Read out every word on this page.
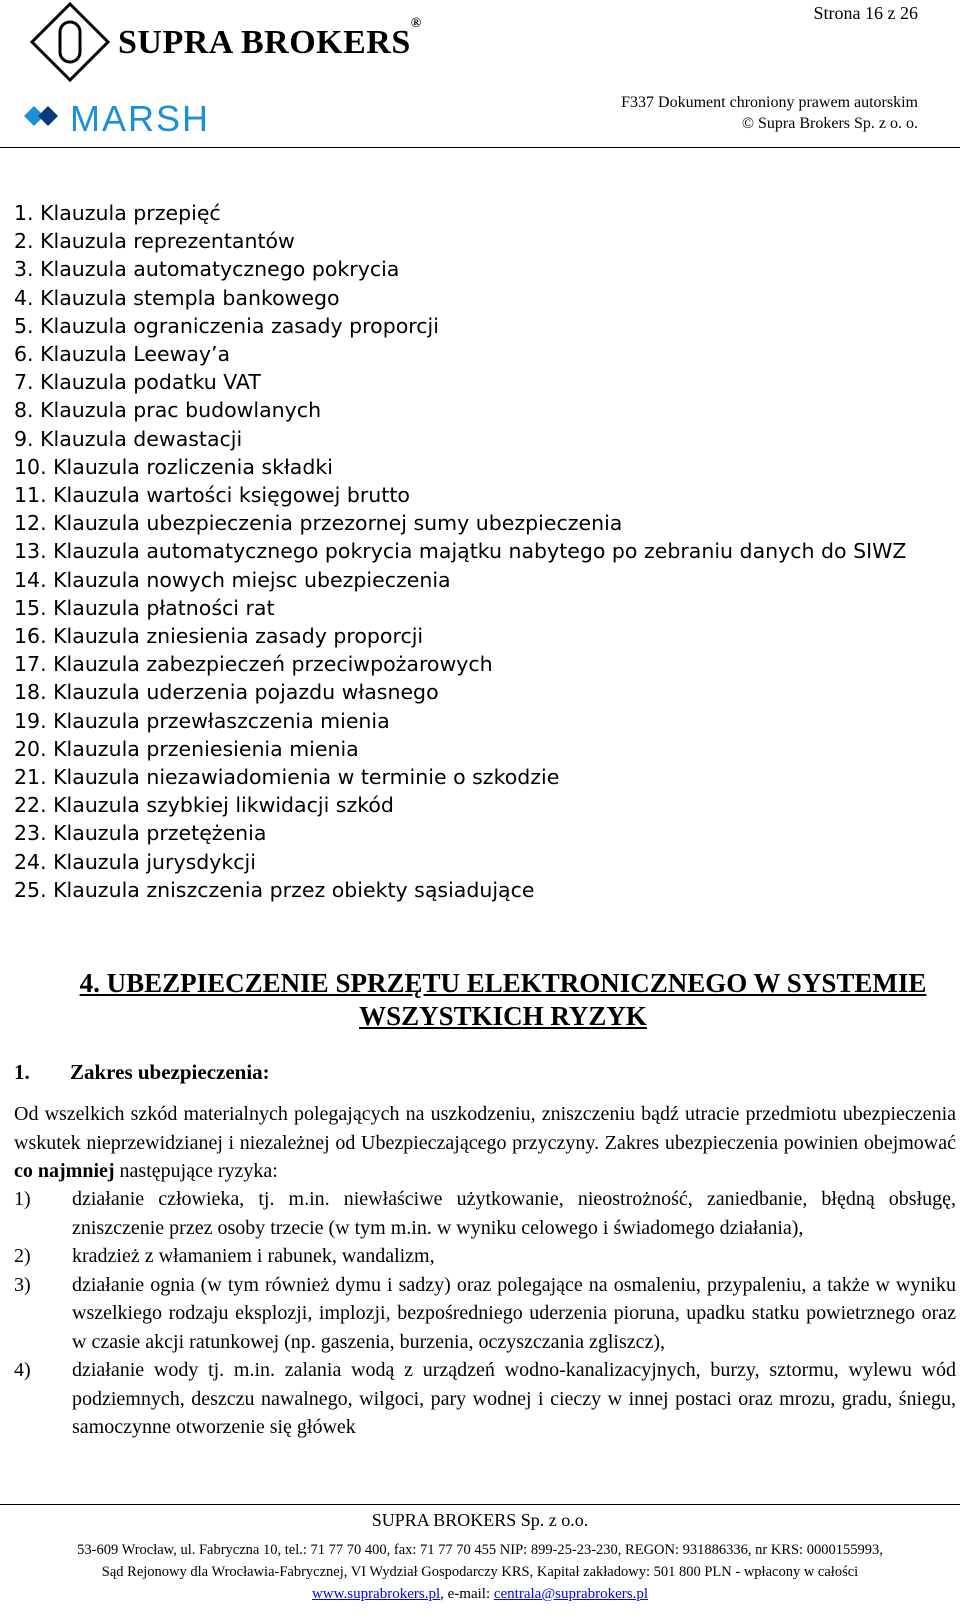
SUPRA BROKERS®
MARSH
Strona 16 z 26
F337 Dokument chroniony prawem autorskim
© Supra Brokers Sp. z o. o.
1. Klauzula przepięć
2. Klauzula reprezentantów
3. Klauzula automatycznego pokrycia
4. Klauzula stempla bankowego
5. Klauzula ograniczenia zasady proporcji
6. Klauzula Leeway’a
7. Klauzula podatku VAT
8. Klauzula prac budowlanych
9. Klauzula dewastacji
10. Klauzula rozliczenia składki
11. Klauzula wartości księgowej brutto
12. Klauzula ubezpieczenia przezornej sumy ubezpieczenia
13. Klauzula automatycznego pokrycia majątku nabytego po zebraniu danych do SIWZ
14. Klauzula nowych miejsc ubezpieczenia
15. Klauzula płatności rat
16. Klauzula zniesienia zasady proporcji
17. Klauzula zabezpieczeń przeciwpożarowych
18. Klauzula uderzenia pojazdu własnego
19. Klauzula przewłaszczenia mienia
20. Klauzula przeniesienia mienia
21. Klauzula niezawiadomienia w terminie o szkodzie
22. Klauzula szybkiej likwidacji szkód
23. Klauzula przetężenia
24. Klauzula jurysdykcji
25. Klauzula zniszczenia przez obiekty sąsiadujące
4. UBEZPIECZENIE SPRZĘTU ELEKTRONICZNEGO W SYSTEMIE
WSZYSTKICH RYZYK
1. Zakres ubezpieczenia:
Od wszelkich szkód materialnych polegających na uszkodzeniu, zniszczeniu bądź utracie przedmiotu ubezpieczenia wskutek nieprzewidzianej i niezależnej od Ubezpieczającego przyczyny. Zakres ubezpieczenia powinien obejmować co najmniej następujące ryzyka:
1) działanie człowieka, tj. m.in. niewłaściwe użytkowanie, nieostrożność, zaniedbanie, błędną obsługę, zniszczenie przez osoby trzecie (w tym m.in. w wyniku celowego i świadomego działania),
2) kradzież z włamaniem i rabunek, wandalizm,
3) działanie ognia (w tym również dymu i sadzy) oraz polegające na osmaleniu, przypaleniu, a także w wyniku wszelkiego rodzaju eksplozji, implozji, bezpośredniego uderzenia pioruna, upadku statku powietrznego oraz w czasie akcji ratunkowej (np. gaszenia, burzenia, oczyszczania zgliszcz),
4) działanie wody tj. m.in. zalania wodą z urządzeń wodno-kanalizacyjnych, burzy, sztormu, wylewu wód podziemnych, deszczu nawalnego, wilgoci, pary wodnej i cieczy w innej postaci oraz mrozu, gradu, śniegu, samoczynne otworzenie się główek
SUPRA BROKERS Sp. z o.o.
53-609 Wrocław, ul. Fabryczna 10, tel.: 71 77 70 400, fax: 71 77 70 455 NIP: 899-25-23-230, REGON: 931886336, nr KRS: 0000155993,
Sąd Rejonowy dla Wrocławia-Fabrycznej, VI Wydział Gospodarczy KRS, Kapitał zakładowy: 501 800 PLN - wpłacony w całości
www.suprabrokers.pl, e-mail: centrala@suprabrokers.pl
